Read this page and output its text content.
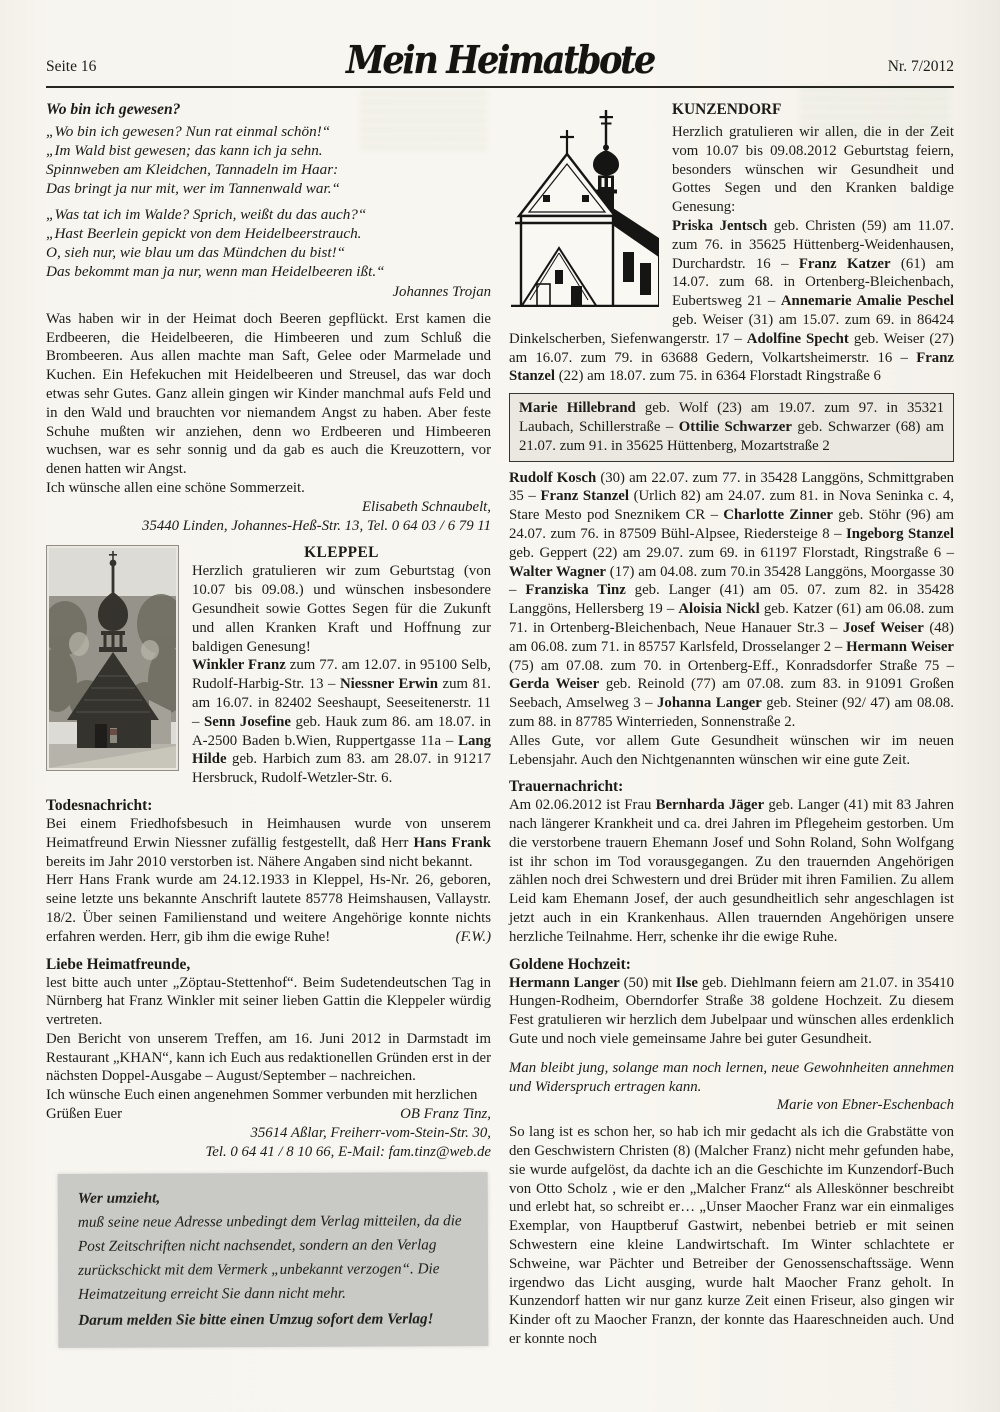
Seite 16	Mein Heimatbote	Nr. 7/2012
Wo bin ich gewesen?
„Wo bin ich gewesen? Nun rat einmal schön!“
„Im Wald bist gewesen; das kann ich ja sehn.
Spinnweben am Kleidchen, Tannadeln im Haar:
Das bringt ja nur mit, wer im Tannenwald war.“
„Was tat ich im Walde? Sprich, weißt du das auch?“
„Hast Beerlein gepickt von dem Heidelbeerstrauch.
O, sieh nur, wie blau um das Mündchen du bist!“
Das bekommt man ja nur, wenn man Heidelbeeren ißt.“
Johannes Trojan

Was haben wir in der Heimat doch Beeren gepflückt. Erst kamen die Erdbeeren, die Heidelbeeren, die Himbeeren und zum Schluß die Brombeeren. Aus allen machte man Saft, Gelee oder Marmelade und Kuchen. Ein Hefekuchen mit Heidelbeeren und Streusel, das war doch etwas sehr Gutes. Ganz allein gingen wir Kinder manchmal aufs Feld und in den Wald und brauchten vor niemandem Angst zu haben. Aber feste Schuhe mußten wir anziehen, denn wo Erdbeeren und Himbeeren wuchsen, war es sehr sonnig und da gab es auch die Kreuzottern, vor denen hatten wir Angst.

Ich wünsche allen eine schöne Sommerzeit.

Elisabeth Schnaubelt,
35440 Linden, Johannes-Heß-Str. 13, Tel. 0 64 03 / 6 79 11
KLEPPEL

Herzlich gratulieren wir zum Geburtstag (von 10.07 bis 09.08.) und wünschen insbesondere Gesundheit sowie Gottes Segen für die Zukunft und allen Kranken Kraft und Hoffnung zur baldigen Genesung!

Winkler Franz zum 77. am 12.07. in 95100 Selb, Rudolf-Harbig-Str. 13 – Niessner Erwin zum 81. am 16.07. in 82402 Seeshaupt, Seeseitenerstr. 11 – Senn Josefine geb. Hauk zum 86. am 18.07. in A-2500 Baden b.Wien, Ruppertgasse 11a – Lang Hilde geb. Harbich zum 83. am 28.07. in 91217 Hersbruck, Rudolf-Wetzler-Str. 6.

Todesnachricht:

Bei einem Friedhofsbesuch in Heimhausen wurde von unserem Heimatfreund Erwin Niessner zufällig festgestellt, daß Herr Hans Frank bereits im Jahr 2010 verstorben ist. Nähere Angaben sind nicht bekannt.

Herr Hans Frank wurde am 24.12.1933 in Kleppel, Hs-Nr. 26, geboren, seine letzte uns bekannte Anschrift lautete 85778 Heimshausen, Vallaystr. 18/2. Über seinen Familienstand und weitere Angehörige konnte nichts erfahren werden. Herr, gib ihm die ewige Ruhe!	(F.W.)

Liebe Heimatfreunde,

lest bitte auch unter „Zöptau-Stettenhof“. Beim Sudetendeutschen Tag in Nürnberg hat Franz Winkler mit seiner lieben Gattin die Kleppeler würdig vertreten.

Den Bericht von unserem Treffen, am 16. Juni 2012 in Darmstadt im Restaurant „KHAN“, kann ich Euch aus redaktionellen Gründen erst in der nächsten Doppel-Ausgabe – August/September – nachreichen.

Ich wünsche Euch einen angenehmen Sommer verbunden mit herzlichen Grüßen Euer	OB Franz Tinz,

35614 Aßlar, Freiherr-vom-Stein-Str. 30,
Tel. 0 64 41 / 8 10 66, E-Mail: fam.tinz@web.de
Wer umzieht,
muß seine neue Adresse unbedingt dem Verlag mitteilen, da die Post Zeitschriften nicht nachsendet, sondern an den Verlag zurückschickt mit dem Vermerk „unbekannt verzogen“. Die Heimatzeitung erreicht Sie dann nicht mehr.
Darum melden Sie bitte einen Umzug sofort dem Verlag!
KUNZENDORF

Herzlich gratulieren wir allen, die in der Zeit vom 10.07 bis 09.08.2012 Geburtstag feiern, besonders wünschen wir Gesundheit und Gottes Segen und den Kranken baldige Genesung:

Priska Jentsch geb. Christen (59) am 11.07. zum 76. in 35625 Hüttenberg-Weidenhausen, Durchardstr. 16 – Franz Katzer (61) am 14.07. zum 68. in Ortenberg-Bleichenbach, Eubertsweg 21 – Annemarie Amalie Peschel geb. Weiser (31) am 15.07. zum 69. in 86424 Dinkelscherben, Siefenwangerstr. 17 – Adolfine Specht geb. Weiser (27) am 16.07. zum 79. in 63688 Gedern, Volkartsheimerstr. 16 – Franz Stanzel (22) am 18.07. zum 75. in 6364 Florstadt Ringstraße 6

Marie Hillebrand geb. Wolf (23) am 19.07. zum 97. in 35321 Laubach, Schillerstraße – Ottilie Schwarzer geb. Schwarzer (68) am 21.07. zum 91. in 35625 Hüttenberg, Mozartstraße 2

Rudolf Kosch (30) am 22.07. zum 77. in 35428 Langgöns, Schmittgraben 35 – Franz Stanzel (Urlich 82) am 24.07. zum 81. in Nova Seninka c. 4, Stare Mesto pod Sneznikem CR – Charlotte Zinner geb. Stöhr (96) am 24.07. zum 76. in 87509 Bühl-Alpsee, Riedersteige 8 – Ingeborg Stanzel geb. Geppert (22) am 29.07. zum 69. in 61197 Florstadt, Ringstraße 6 – Walter Wagner (17) am 04.08. zum 70.in 35428 Langgöns, Moorgasse 30 – Franziska Tinz geb. Langer (41) am 05. 07. zum 82. in 35428 Langgöns, Hellersberg 19 – Aloisia Nickl geb. Katzer (61) am 06.08. zum 71. in Ortenberg-Bleichenbach, Neue Hanauer Str.3 – Josef Weiser (48) am 06.08. zum 71. in 85757 Karlsfeld, Drosselanger 2 – Hermann Weiser (75) am 07.08. zum 70. in Ortenberg-Eff., Konradsdorfer Straße 75 – Gerda Weiser geb. Reinold (77) am 07.08. zum 83. in 91091 Großen Seebach, Amselweg 3 – Johanna Langer geb. Steiner (92/ 47) am 08.08. zum 88. in 87785 Winterrieden, Sonnenstraße 2.

Alles Gute, vor allem Gute Gesundheit wünschen wir im neuen Lebensjahr. Auch den Nichtgenannten wünschen wir eine gute Zeit.

Trauernachricht:

Am 02.06.2012 ist Frau Bernharda Jäger geb. Langer (41) mit 83 Jahren nach längerer Krankheit und ca. drei Jahren im Pflegeheim gestorben. Um die verstorbene trauern Ehemann Josef und Sohn Roland, Sohn Wolfgang ist ihr schon im Tod vorausgegangen. Zu den trauernden Angehörigen zählen noch drei Schwestern und drei Brüder mit ihren Familien. Zu allem Leid kam Ehemann Josef, der auch gesundheitlich sehr angeschlagen ist jetzt auch in ein Krankenhaus. Allen trauernden Angehörigen unsere herzliche Teilnahme. Herr, schenke ihr die ewige Ruhe.

Goldene Hochzeit:

Hermann Langer (50) mit Ilse geb. Diehlmann feiern am 21.07. in 35410 Hungen-Rodheim, Oberndorfer Straße 38 goldene Hochzeit. Zu diesem Fest gratulieren wir herzlich dem Jubelpaar und wünschen alles erdenklich Gute und noch viele gemeinsame Jahre bei guter Gesundheit.

Man bleibt jung, solange man noch lernen, neue Gewohnheiten annehmen und Widerspruch ertragen kann.

Marie von Ebner-Eschenbach

So lang ist es schon her, so hab ich mir gedacht als ich die Grabstätte von den Geschwistern Christen (8) (Malcher Franz) nicht mehr gefunden habe, sie wurde aufgelöst, da dachte ich an die Geschichte im Kunzendorf-Buch von Otto Scholz , wie er den „Malcher Franz“ als Alleskönner beschreibt und erlebt hat, so schreibt er… „Unser Maocher Franz war ein einmaliges Exemplar, von Hauptberuf Gastwirt, nebenbei betrieb er mit seinen Schwestern eine kleine Landwirtschaft. Im Winter schlachtete er Schweine, war Pächter und Betreiber der Genossenschaftssäge. Wenn irgendwo das Licht ausging, wurde halt Maocher Franz geholt. In Kunzendorf hatten wir nur ganz kurze Zeit einen Friseur, also gingen wir Kinder oft zu Maocher Franzn, der konnte das Haareschneiden auch. Und er konnte noch
